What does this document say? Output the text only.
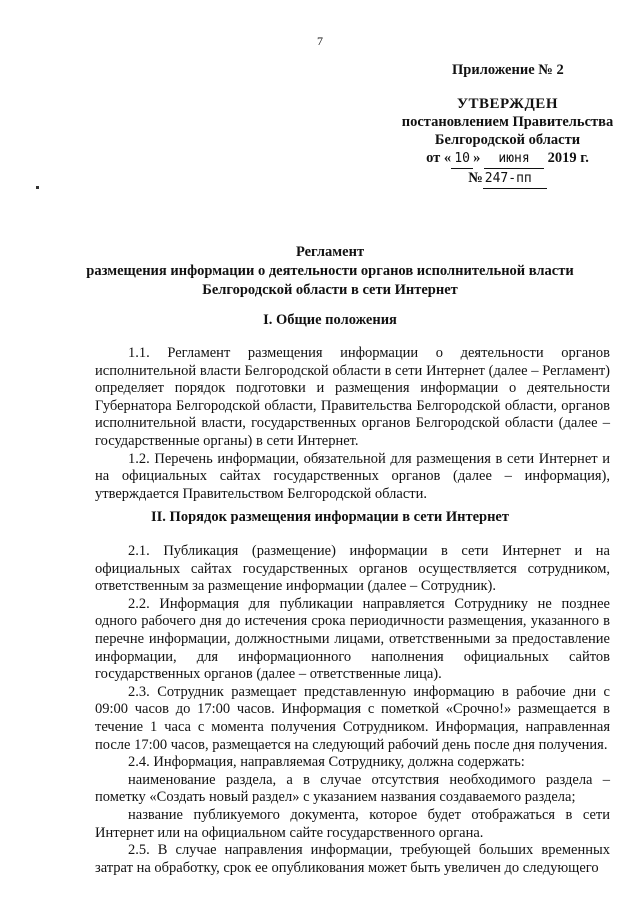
7
Приложение № 2
УТВЕРЖДЕН
постановлением Правительства
Белгородской области
от « 10 » июня 2019 г.
№ 247-пп
Регламент
размещения информации о деятельности органов исполнительной власти
Белгородской области в сети Интернет
I. Общие положения

1.1. Регламент размещения информации о деятельности органов исполнительной власти Белгородской области в сети Интернет (далее – Регламент) определяет порядок подготовки и размещения информации о деятельности Губернатора Белгородской области, Правительства Белгородской области, органов исполнительной власти, государственных органов Белгородской области (далее – государственные органы) в сети Интернет.

1.2. Перечень информации, обязательной для размещения в сети Интернет и на официальных сайтах государственных органов (далее – информация), утверждается Правительством Белгородской области.

II. Порядок размещения информации в сети Интернет

2.1. Публикация (размещение) информации в сети Интернет и на официальных сайтах государственных органов осуществляется сотрудником, ответственным за размещение информации (далее – Сотрудник).

2.2. Информация для публикации направляется Сотруднику не позднее одного рабочего дня до истечения срока периодичности размещения, указанного в перечне информации, должностными лицами, ответственными за предоставление информации, для информационного наполнения официальных сайтов государственных органов (далее – ответственные лица).

2.3. Сотрудник размещает представленную информацию в рабочие дни с 09:00 часов до 17:00 часов. Информация с пометкой «Срочно!» размещается в течение 1 часа с момента получения Сотрудником. Информация, направленная после 17:00 часов, размещается на следующий рабочий день после дня получения.

2.4. Информация, направляемая Сотруднику, должна содержать:

наименование раздела, а в случае отсутствия необходимого раздела – пометку «Создать новый раздел» с указанием названия создаваемого раздела;

название публикуемого документа, которое будет отображаться в сети Интернет или на официальном сайте государственного органа.

2.5. В случае направления информации, требующей больших временных затрат на обработку, срок ее опубликования может быть увеличен до следующего
